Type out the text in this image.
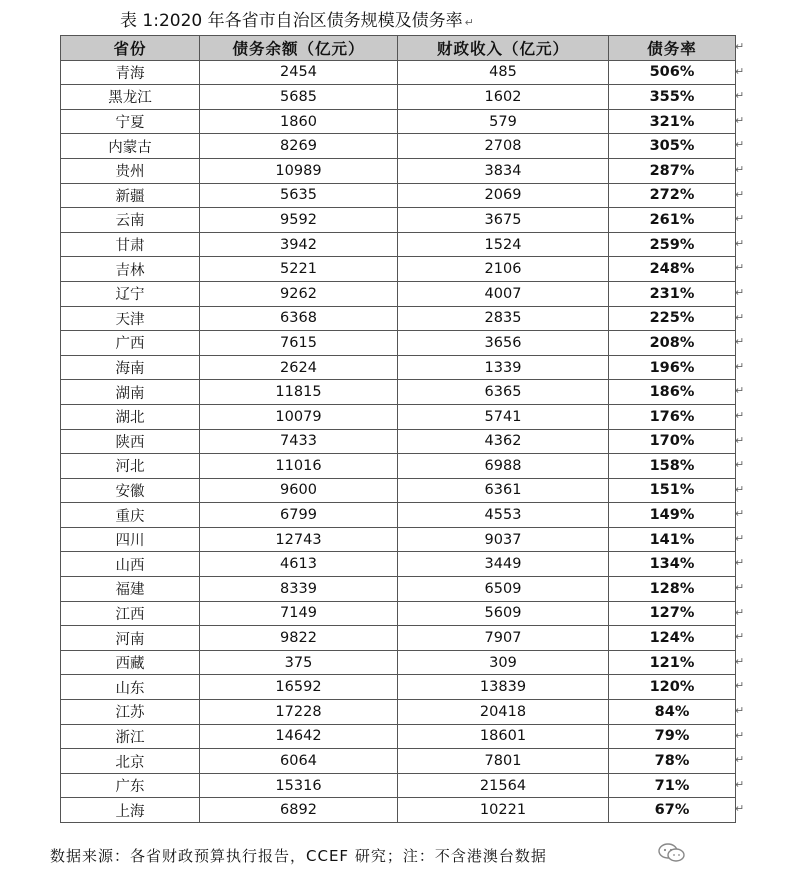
表 1:2020 年各省市自治区债务规模及债务率 ↵
省份	债务余额（亿元）	财政收入（亿元）	债务率
青海	2454	485	506%
黑龙江	5685	1602	355%
宁夏	1860	579	321%
内蒙古	8269	2708	305%
贵州	10989	3834	287%
新疆	5635	2069	272%
云南	9592	3675	261%
甘肃	3942	1524	259%
吉林	5221	2106	248%
辽宁	9262	4007	231%
天津	6368	2835	225%
广西	7615	3656	208%
海南	2624	1339	196%
湖南	11815	6365	186%
湖北	10079	5741	176%
陕西	7433	4362	170%
河北	11016	6988	158%
安徽	9600	6361	151%
重庆	6799	4553	149%
四川	12743	9037	141%
山西	4613	3449	134%
福建	8339	6509	128%
江西	7149	5609	127%
河南	9822	7907	124%
西藏	375	309	121%
山东	16592	13839	120%
江苏	17228	20418	84%
浙江	14642	18601	79%
北京	6064	7801	78%
广东	15316	21564	71%
上海	6892	10221	67%
↵
↵
↵
↵
↵
↵
↵
↵
↵
↵
↵
↵
↵
↵
↵
↵
↵
↵
↵
↵
↵
↵
↵
↵
↵
↵
↵
↵
↵
↵
↵
↵
数据来源：各省财政预算执行报告，CCEF 研究；注：不含港澳台数据
